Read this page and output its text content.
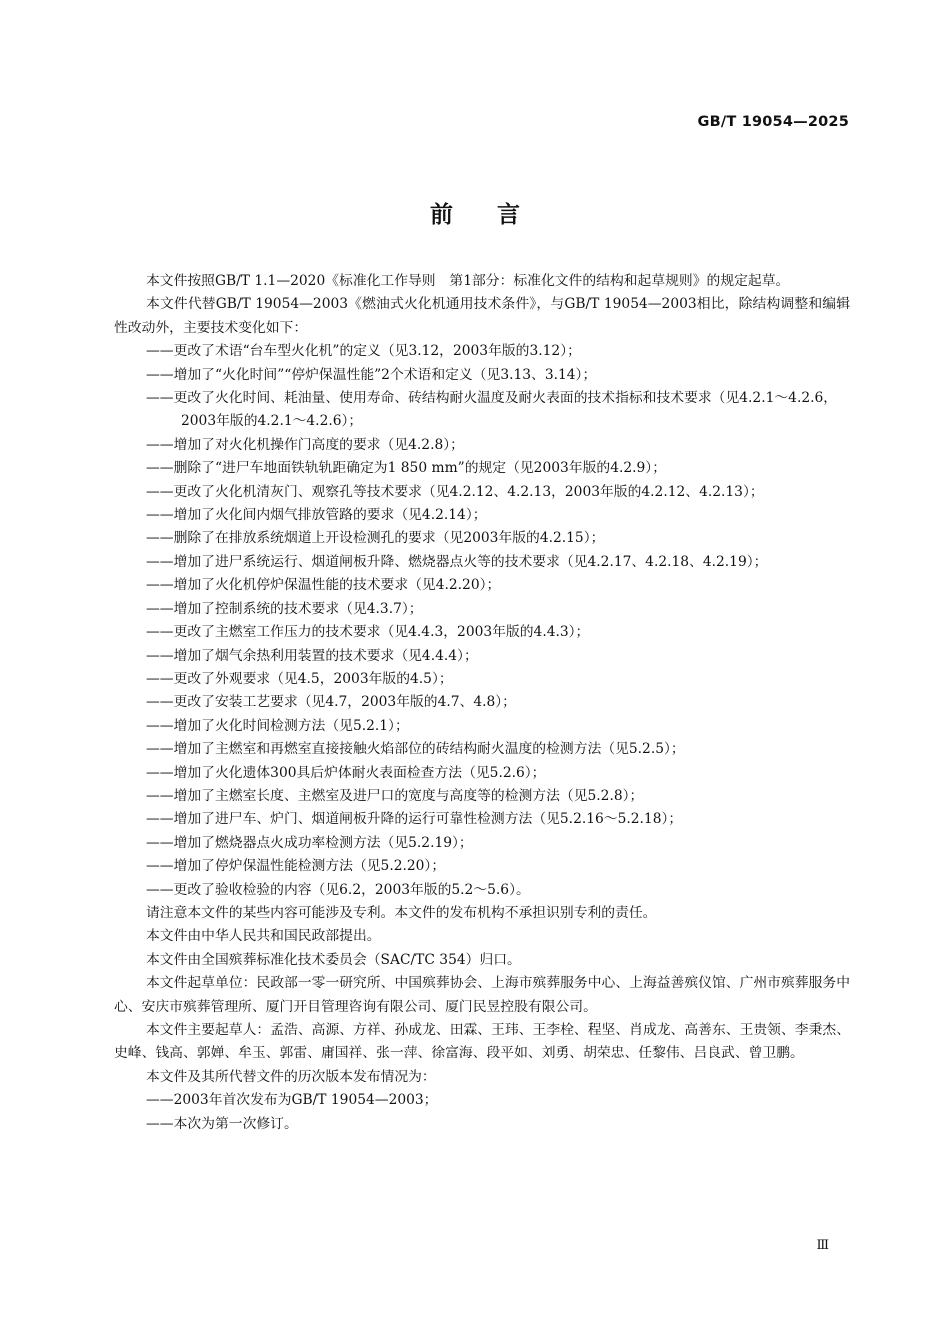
GB/T 19054—2025
前言

本文件按照GB/T 1.1—2020《标准化工作导则　第1部分：标准化文件的结构和起草规则》的规定起草。

本文件代替GB/T 19054—2003《燃油式火化机通用技术条件》，与GB/T 19054—2003相比，除结构调整和编辑性改动外，主要技术变化如下：

——更改了术语“台车型火化机”的定义（见3.12，2003年版的3.12）；

——增加了“火化时间”“停炉保温性能”2个术语和定义（见3.13、3.14）；

——更改了火化时间、耗油量、使用寿命、砖结构耐火温度及耐火表面的技术指标和技术要求（见4.2.1～4.2.6，2003年版的4.2.1～4.2.6）；

——增加了对火化机操作门高度的要求（见4.2.8）；

——删除了“进尸车地面铁轨轨距确定为1 850 mm”的规定（见2003年版的4.2.9）；

——更改了火化机清灰门、观察孔等技术要求（见4.2.12、4.2.13，2003年版的4.2.12、4.2.13）；

——增加了火化间内烟气排放管路的要求（见4.2.14）；

——删除了在排放系统烟道上开设检测孔的要求（见2003年版的4.2.15）；

——增加了进尸系统运行、烟道闸板升降、燃烧器点火等的技术要求（见4.2.17、4.2.18、4.2.19）；

——增加了火化机停炉保温性能的技术要求（见4.2.20）；

——增加了控制系统的技术要求（见4.3.7）；

——更改了主燃室工作压力的技术要求（见4.4.3，2003年版的4.4.3）；

——增加了烟气余热利用装置的技术要求（见4.4.4）；

——更改了外观要求（见4.5，2003年版的4.5）；

——更改了安装工艺要求（见4.7，2003年版的4.7、4.8）；

——增加了火化时间检测方法（见5.2.1）；

——增加了主燃室和再燃室直接接触火焰部位的砖结构耐火温度的检测方法（见5.2.5）；

——增加了火化遗体300具后炉体耐火表面检查方法（见5.2.6）；

——增加了主燃室长度、主燃室及进尸口的宽度与高度等的检测方法（见5.2.8）；

——增加了进尸车、炉门、烟道闸板升降的运行可靠性检测方法（见5.2.16～5.2.18）；

——增加了燃烧器点火成功率检测方法（见5.2.19）；

——增加了停炉保温性能检测方法（见5.2.20）；

——更改了验收检验的内容（见6.2，2003年版的5.2～5.6）。

请注意本文件的某些内容可能涉及专利。本文件的发布机构不承担识别专利的责任。

本文件由中华人民共和国民政部提出。

本文件由全国殡葬标准化技术委员会（SAC/TC 354）归口。

本文件起草单位：民政部一零一研究所、中国殡葬协会、上海市殡葬服务中心、上海益善殡仪馆、广州市殡葬服务中心、安庆市殡葬管理所、厦门开目管理咨询有限公司、厦门民昱控股有限公司。

本文件主要起草人：孟浩、高源、方祥、孙成龙、田霖、王玮、王李栓、程坚、肖成龙、高善东、王贵领、李秉杰、史峰、钱高、郭婵、牟玉、郭雷、庸国祥、张一萍、徐富海、段平如、刘勇、胡荣忠、任黎伟、吕良武、曾卫鹏。

本文件及其所代替文件的历次版本发布情况为：

——2003年首次发布为GB/T 19054—2003；

——本次为第一次修订。

Ⅲ
